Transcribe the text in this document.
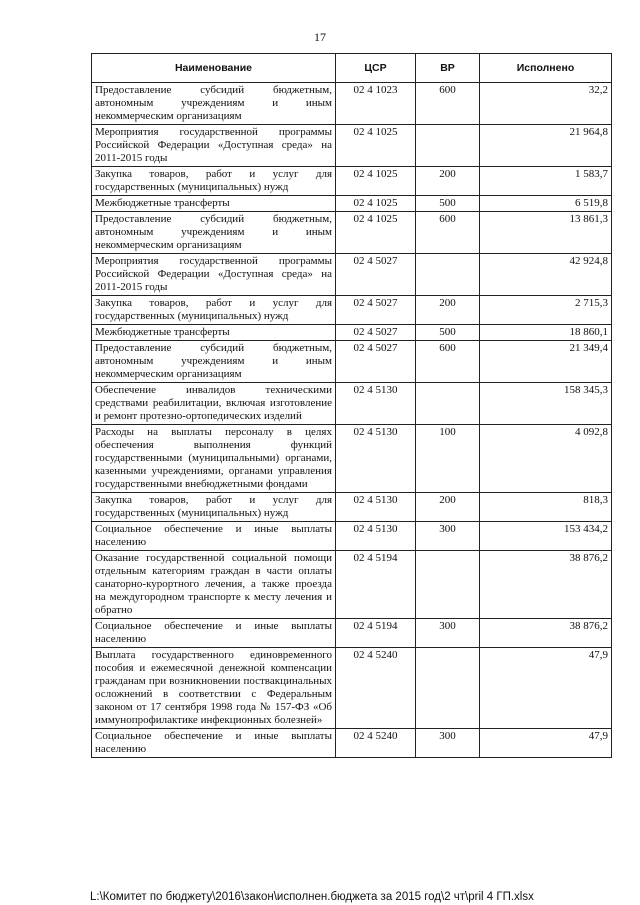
17
Наименование	ЦСР	ВР	Исполнено
Предоставление субсидий бюджетным, автономным учреждениям и иным некоммерческим организациям	02 4 1023	600	32,2
Мероприятия государственной программы Российской Федерации «Доступная среда» на 2011-2015 годы	02 4 1025		21 964,8
Закупка товаров, работ и услуг для государственных (муниципальных) нужд	02 4 1025	200	1 583,7
Межбюджетные трансферты	02 4 1025	500	6 519,8
Предоставление субсидий бюджетным, автономным учреждениям и иным некоммерческим организациям	02 4 1025	600	13 861,3
Мероприятия государственной программы Российской Федерации «Доступная среда» на 2011-2015 годы	02 4 5027		42 924,8
Закупка товаров, работ и услуг для государственных (муниципальных) нужд	02 4 5027	200	2 715,3
Межбюджетные трансферты	02 4 5027	500	18 860,1
Предоставление субсидий бюджетным, автономным учреждениям и иным некоммерческим организациям	02 4 5027	600	21 349,4
Обеспечение инвалидов техническими средствами реабилитации, включая изготовление и ремонт протезно-ортопедических изделий	02 4 5130		158 345,3
Расходы на выплаты персоналу в целях обеспечения выполнения функций государственными (муниципальными) органами, казенными учреждениями, органами управления государственными внебюджетными фондами	02 4 5130	100	4 092,8
Закупка товаров, работ и услуг для государственных (муниципальных) нужд	02 4 5130	200	818,3
Социальное обеспечение и иные выплаты населению	02 4 5130	300	153 434,2
Оказание государственной социальной помощи отдельным категориям граждан в части оплаты санаторно-курортного лечения, а также проезда на междугородном транспорте к месту лечения и обратно	02 4 5194		38 876,2
Социальное обеспечение и иные выплаты населению	02 4 5194	300	38 876,2
Выплата государственного единовременного пособия и ежемесячной денежной компенсации гражданам при возникновении поствакцинальных осложнений в соответствии с Федеральным законом от 17 сентября 1998 года № 157-ФЗ «Об иммунопрофилактике инфекционных болезней»	02 4 5240		47,9
Социальное обеспечение и иные выплаты населению	02 4 5240	300	47,9
L:\Комитет по бюджету\2016\закон\исполнен.бюджета за 2015 год\2 чт\pril 4 ГП.xlsx
